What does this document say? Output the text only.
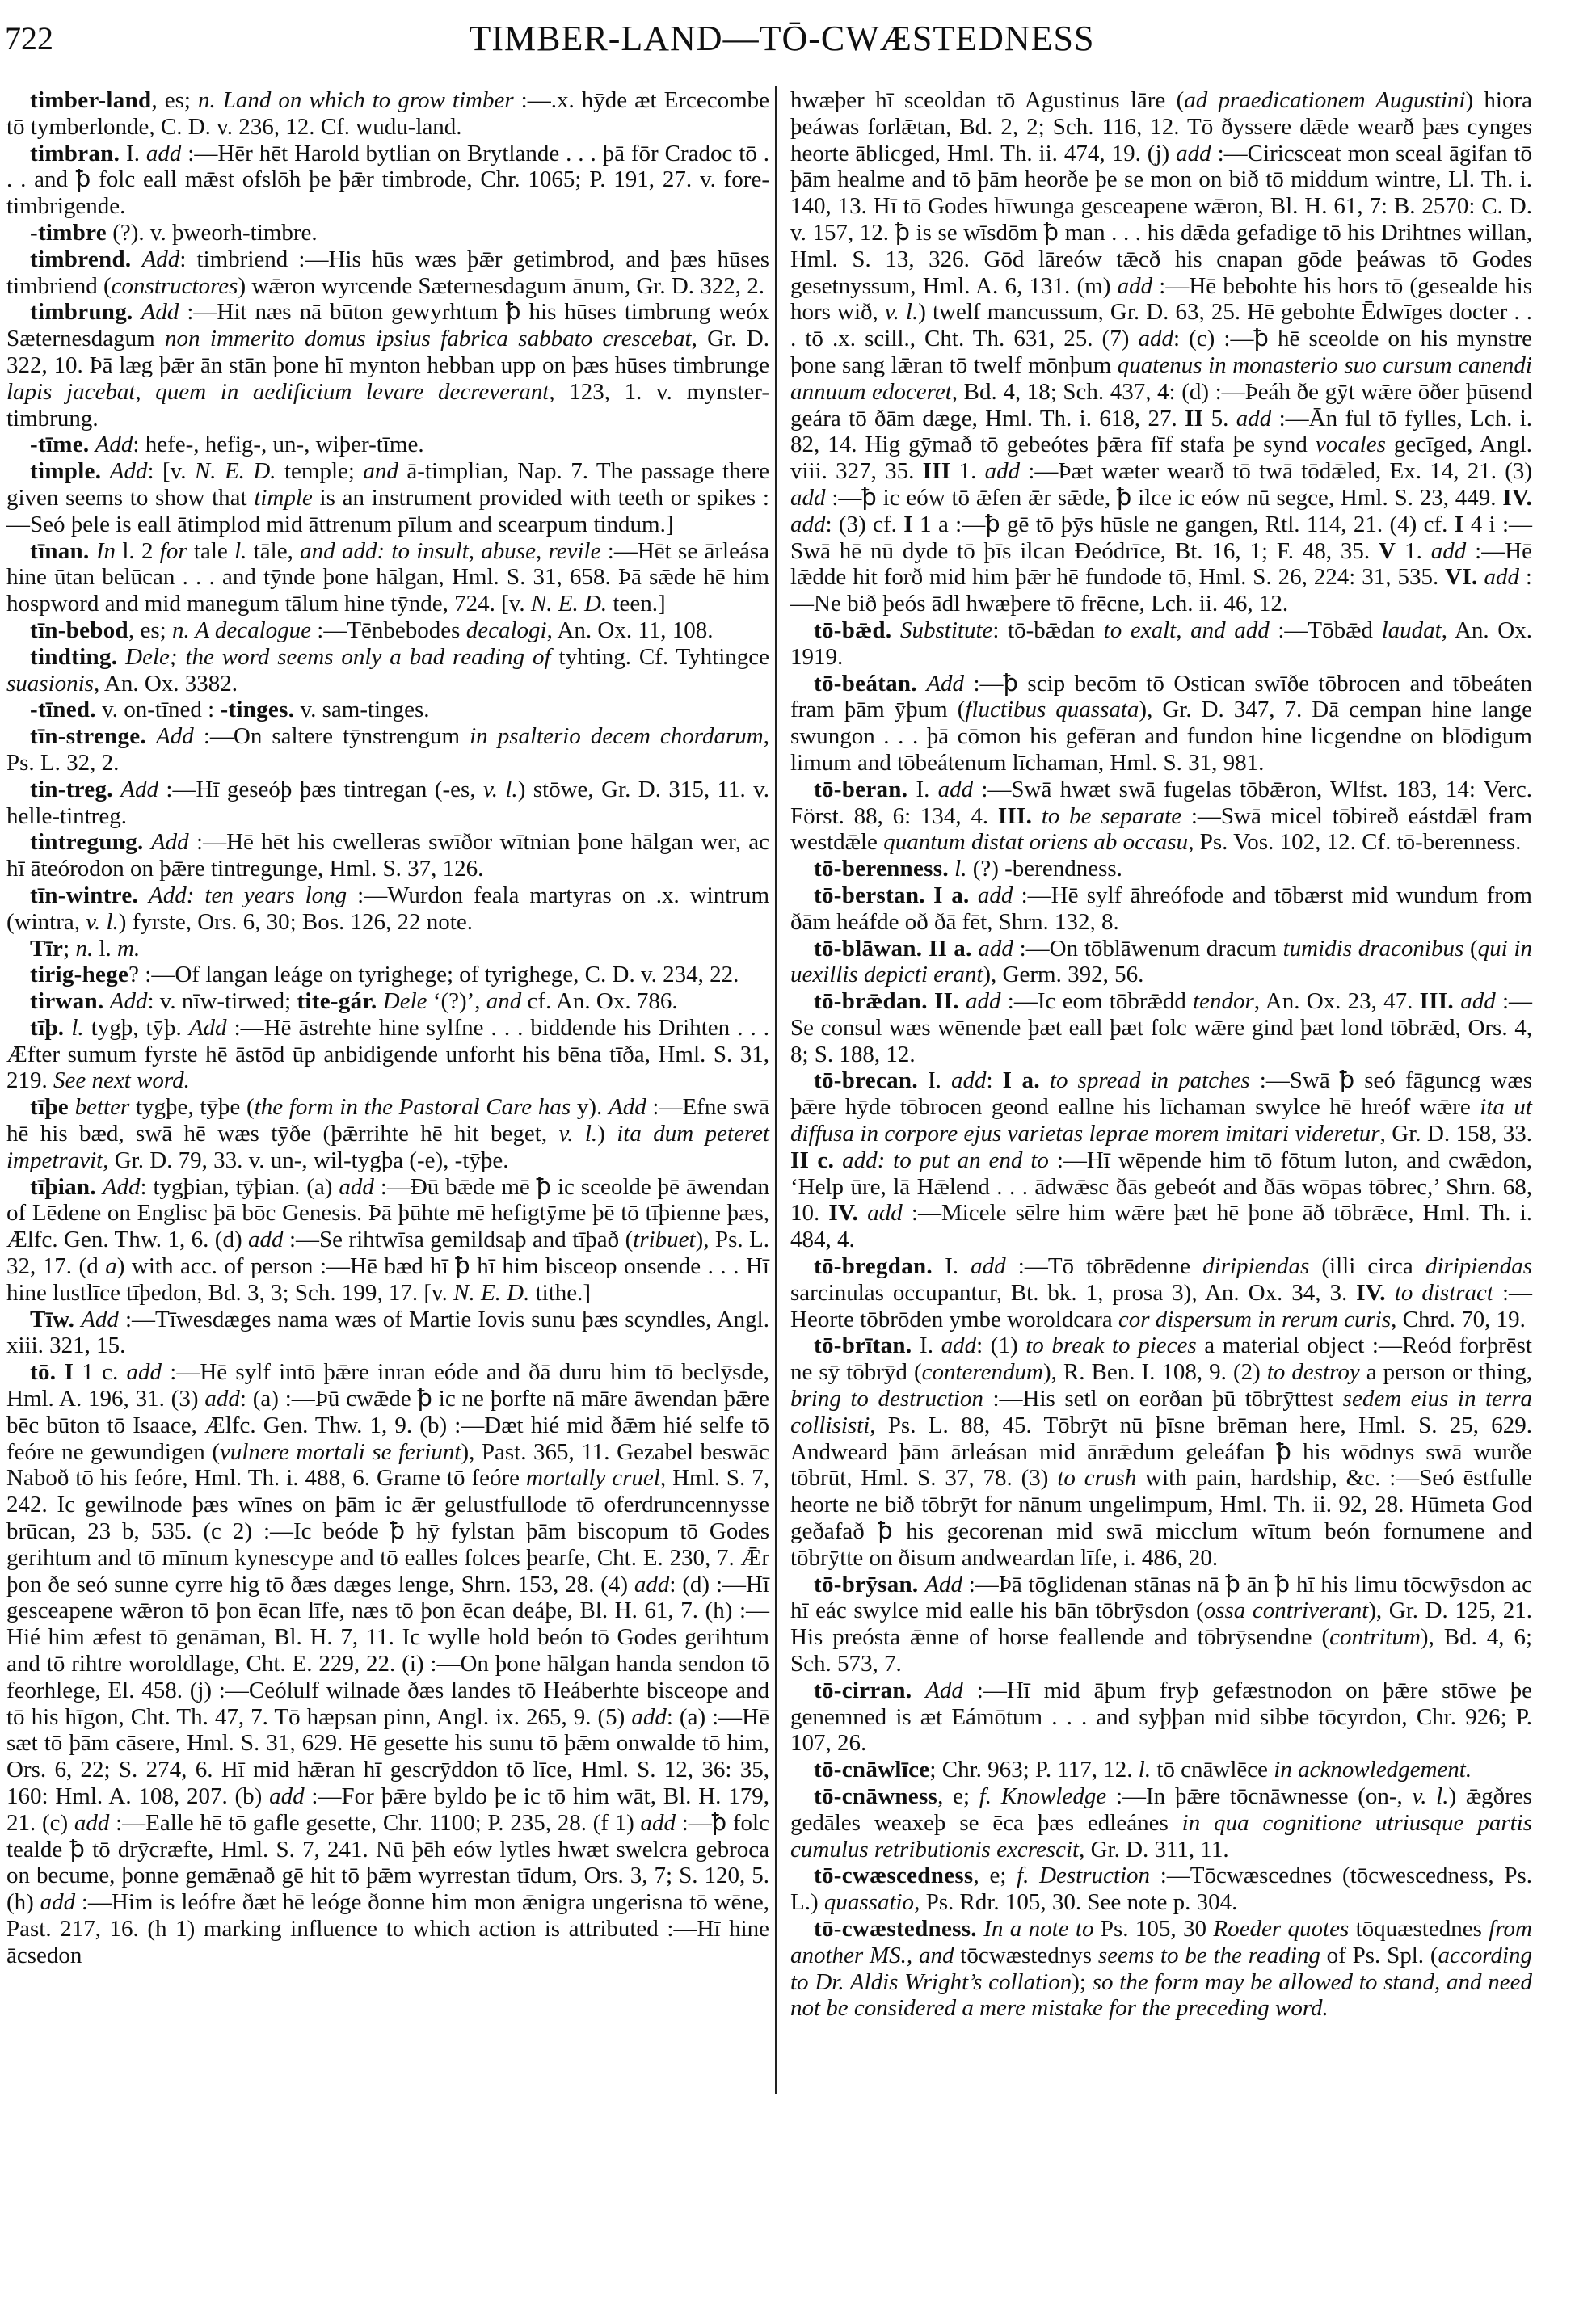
722	TIMBER-LAND—TŌ-CWÆSTEDNESS

timber-land, es; n. Land on which to grow timber :—.x. hȳde æt Ercecombe tō tymberlonde, C. D. v. 236, 12. Cf. wudu-land.

timbran. I. add :—Hēr hēt Harold bytlian on Brytlande . . . þā fōr Cradoc tō . . . and ꝥ folc eall mǣst ofslōh þe þǣr timbrode, Chr. 1065; P. 191, 27. v. fore-timbrigende.

-timbre (?). v. þweorh-timbre.

timbrend. Add: timbriend :—His hūs wæs þǣr getimbrod, and þæs hūses timbriend (constructores) wǣron wyrcende Sæternesdagum ānum, Gr. D. 322, 2.

timbrung. Add :—Hit næs nā būton gewyrhtum ꝥ his hūses timbrung weóx Sæternesdagum non immerito domus ipsius fabrica sabbato crescebat, Gr. D. 322, 10. Þā læg þǣr ān stān þone hī mynton hebban upp on þæs hūses timbrunge lapis jacebat, quem in aedificium levare decreverant, 123, 1. v. mynster-timbrung.

-tīme. Add: hefe-, hefig-, un-, wiþer-tīme.

timple. Add: [v. N. E. D. temple; and ā-timplian, Nap. 7. The passage there given seems to show that timple is an instrument provided with teeth or spikes :—Seó þele is eall ātimplod mid āttrenum pīlum and scearpum tindum.]

tīnan. In l. 2 for tale l. tāle, and add: to insult, abuse, revile :—Hēt se ārleása hine ūtan belūcan . . . and tȳnde þone hālgan, Hml. S. 31, 658. Þā sǣde hē him hospword and mid manegum tālum hine tȳnde, 724. [v. N. E. D. teen.]

tīn-bebod, es; n. A decalogue :—Tēnbebodes decalogi, An. Ox. 11, 108.

tindting. Dele; the word seems only a bad reading of tyhting. Cf. Tyhtingce suasionis, An. Ox. 3382.

-tīned. v. on-tīned : -tinges. v. sam-tinges.

tīn-strenge. Add :—On saltere tȳnstrengum in psalterio decem chordarum, Ps. L. 32, 2.

tin-treg. Add :—Hī geseóþ þæs tintregan (-es, v. l.) stōwe, Gr. D. 315, 11. v. helle-tintreg.

tintregung. Add :—Hē hēt his cwelleras swīðor wītnian þone hālgan wer, ac hī āteórodon on þǣre tintregunge, Hml. S. 37, 126.

tīn-wintre. Add: ten years long :—Wurdon feala martyras on .x. wintrum (wintra, v. l.) fyrste, Ors. 6, 30; Bos. 126, 22 note.

Tīr; n. l. m.

tirig-hege? :—Of langan leáge on tyrighege; of tyrighege, C. D. v. 234, 22.

tirwan. Add: v. nīw-tirwed; tite-gár. Dele ‘(?)’, and cf. An. Ox. 786.

tīþ. l. tygþ, tȳþ. Add :—Hē āstrehte hine sylfne . . . biddende his Drihten . . . Æfter sumum fyrste hē āstōd ūp anbidigende unforht his bēna tīða, Hml. S. 31, 219. See next word.

tīþe better tygþe, tȳþe (the form in the Pastoral Care has y). Add :—Efne swā hē his bæd, swā hē wæs tȳðe (þǣrrihte hē hit beget, v. l.) ita dum peteret impetravit, Gr. D. 79, 33. v. un-, wil-tygþa (-e), -tȳþe.

tīþian. Add: tygþian, tȳþian. (a) add :—Ðū bǣde mē ꝥ ic sceolde þē āwendan of Lēdene on Englisc þā bōc Genesis. Þā þūhte mē hefigtȳme þē tō tīþienne þæs, Ælfc. Gen. Thw. 1, 6. (d) add :—Se rihtwīsa gemildsaþ and tīþað (tribuet), Ps. L. 32, 17. (d a) with acc. of person :—Hē bæd hī ꝥ hī him bisceop onsende . . . Hī hine lustlīce tīþedon, Bd. 3, 3; Sch. 199, 17. [v. N. E. D. tithe.]

Tīw. Add :—Tīwesdæges nama wæs of Martie Iovis sunu þæs scyndles, Angl. xiii. 321, 15.

tō. I 1 c. add :—Hē sylf intō þǣre inran eóde and ðā duru him tō beclȳsde, Hml. A. 196, 31. (3) add: (a) :—Þū cwǣde ꝥ ic ne þorfte nā māre āwendan þǣre bēc būton tō Isaace, Ælfc. Gen. Thw. 1, 9. (b) :—Ðæt hié mid ðǣm hié selfe tō feóre ne gewundigen (vulnere mortali se feriunt), Past. 365, 11. Gezabel beswāc Naboð tō his feóre, Hml. Th. i. 488, 6. Grame tō feóre mortally cruel, Hml. S. 7, 242. Ic gewilnode þæs wīnes on þām ic ǣr gelustfullode tō oferdruncennysse brūcan, 23 b, 535. (c 2) :—Ic beóde ꝥ hȳ fylstan þām biscopum tō Godes gerihtum and tō mīnum kynescype and tō ealles folces þearfe, Cht. E. 230, 7. Ǣr þon ðe seó sunne cyrre hig tō ðæs dæges lenge, Shrn. 153, 28. (4) add: (d) :—Hī gesceapene wǣron tō þon ēcan līfe, næs tō þon ēcan deáþe, Bl. H. 61, 7. (h) :—Hié him æfest tō genāman, Bl. H. 7, 11. Ic wylle hold beón tō Godes gerihtum and tō rihtre woroldlage, Cht. E. 229, 22. (i) :—On þone hālgan handa sendon tō feorhlege, El. 458. (j) :—Ceólulf wilnade ðæs landes tō Heáberhte bisceope and tō his hīgon, Cht. Th. 47, 7. Tō hæpsan pinn, Angl. ix. 265, 9. (5) add: (a) :—Hē sæt tō þām cāsere, Hml. S. 31, 629. Hē gesette his sunu tō þǣm onwalde tō him, Ors. 6, 22; S. 274, 6. Hī mid hǣran hī gescrȳddon tō līce, Hml. S. 12, 36: 35, 160: Hml. A. 108, 207. (b) add :—For þǣre byldo þe ic tō him wāt, Bl. H. 179, 21. (c) add :—Ealle hē tō gafle gesette, Chr. 1100; P. 235, 28. (f 1) add :—ꝥ folc tealde ꝥ tō drȳcræfte, Hml. S. 7, 241. Nū þēh eów lytles hwæt swelcra gebroca on becume, þonne gemǣnað gē hit tō þǣm wyrrestan tīdum, Ors. 3, 7; S. 120, 5. (h) add :—Him is leófre ðæt hē leóge ðonne him mon ǣnigra ungerisna tō wēne, Past. 217, 16. (h 1) marking influence to which action is attributed :—Hī hine ācsedon

hwæþer hī sceoldan tō Agustinus lāre (ad praedicationem Augustini) hiora þeáwas forlǣtan, Bd. 2, 2; Sch. 116, 12. Tō ðyssere dǣde wearð þæs cynges heorte āblicged, Hml. Th. ii. 474, 19. (j) add :—Ciricsceat mon sceal āgifan tō þām healme and tō þām heorðe þe se mon on bið tō middum wintre, Ll. Th. i. 140, 13. Hī tō Godes hīwunga gesceapene wǣron, Bl. H. 61, 7: B. 2570: C. D. v. 157, 12. ꝥ is se wīsdōm ꝥ man . . . his dǣda gefadige tō his Drihtnes willan, Hml. S. 13, 326. Gōd lāreów tǣcð his cnapan gōde þeáwas tō Godes gesetnyssum, Hml. A. 6, 131. (m) add :—Hē bebohte his hors tō (gesealde his hors wið, v. l.) twelf mancussum, Gr. D. 63, 25. Hē gebohte Ēdwīges docter . . . tō .x. scill., Cht. Th. 631, 25. (7) add: (c) :—ꝥ hē sceolde on his mynstre þone sang lǣran tō twelf mōnþum quatenus in monasterio suo cursum canendi annuum edoceret, Bd. 4, 18; Sch. 437, 4: (d) :—Þeáh ðe gȳt wǣre ōðer þūsend geára tō ðām dæge, Hml. Th. i. 618, 27. II 5. add :—Ān ful tō fylles, Lch. i. 82, 14. Hig gȳmað tō gebeótes þǣra fīf stafa þe synd vocales gecīged, Angl. viii. 327, 35. III 1. add :—Þæt wæter wearð tō twā tōdǣled, Ex. 14, 21. (3) add :—ꝥ ic eów tō ǣfen ǣr sǣde, ꝥ ilce ic eów nū segce, Hml. S. 23, 449. IV. add: (3) cf. I 1 a :—ꝥ gē tō þȳs hūsle ne gangen, Rtl. 114, 21. (4) cf. I 4 i :—Swā hē nū dyde tō þīs ilcan Ðeódrīce, Bt. 16, 1; F. 48, 35. V 1. add :—Hē lǣdde hit forð mid him þǣr hē fundode tō, Hml. S. 26, 224: 31, 535. VI. add :—Ne bið þeós ādl hwæþere tō frēcne, Lch. ii. 46, 12.

tō-bǣd. Substitute: tō-bǣdan to exalt, and add :—Tōbǣd laudat, An. Ox. 1919.

tō-beátan. Add :—ꝥ scip becōm tō Ostican swīðe tōbrocen and tōbeáten fram þām ȳþum (fluctibus quassata), Gr. D. 347, 7. Ðā cempan hine lange swungon . . . þā cōmon his gefēran and fundon hine licgendne on blōdigum limum and tōbeátenum līchaman, Hml. S. 31, 981.

tō-beran. I. add :—Swā hwæt swā fugelas tōbǣron, Wlfst. 183, 14: Verc. Först. 88, 6: 134, 4. III. to be separate :—Swā micel tōbireð eástdǣl fram westdǣle quantum distat oriens ab occasu, Ps. Vos. 102, 12. Cf. tō-berenness.

tō-berenness. l. (?) -berendness.

tō-berstan. I a. add :—Hē sylf āhreófode and tōbærst mid wundum from ðām heáfde oð ðā fēt, Shrn. 132, 8.

tō-blāwan. II a. add :—On tōblāwenum dracum tumidis draconibus (qui in uexillis depicti erant), Germ. 392, 56.

tō-brǣdan. II. add :—Ic eom tōbrǣdd tendor, An. Ox. 23, 47. III. add :—Se consul wæs wēnende þæt eall þæt folc wǣre gind þæt lond tōbrǣd, Ors. 4, 8; S. 188, 12.

tō-brecan. I. add: I a. to spread in patches :—Swā ꝥ seó fāguncg wæs þǣre hȳde tōbrocen geond eallne his līchaman swylce hē hreóf wǣre ita ut diffusa in corpore ejus varietas leprae morem imitari videretur, Gr. D. 158, 33. II c. add: to put an end to :—Hī wēpende him tō fōtum luton, and cwǣdon, ‘Help ūre, lā Hǣlend . . . ādwǣsc ðās gebeót and ðās wōpas tōbrec,’ Shrn. 68, 10. IV. add :—Micele sēlre him wǣre þæt hē þone āð tōbrǣce, Hml. Th. i. 484, 4.

tō-bregdan. I. add :—Tō tōbrēdenne diripiendas (illi circa diripiendas sarcinulas occupantur, Bt. bk. 1, prosa 3), An. Ox. 34, 3. IV. to distract :—Heorte tōbrōden ymbe woroldcara cor dispersum in rerum curis, Chrd. 70, 19.

tō-brītan. I. add: (1) to break to pieces a material object :—Reód forþrēst ne sȳ tōbrȳd (conterendum), R. Ben. I. 108, 9. (2) to destroy a person or thing, bring to destruction :—His setl on eorðan þū tōbrȳttest sedem eius in terra collisisti, Ps. L. 88, 45. Tōbrȳt nū þīsne brēman here, Hml. S. 25, 629. Andweard þām ārleásan mid ānrǣdum geleáfan ꝥ his wōdnys swā wurðe tōbrūt, Hml. S. 37, 78. (3) to crush with pain, hardship, &c. :—Seó ēstfulle heorte ne bið tōbrȳt for nānum ungelimpum, Hml. Th. ii. 92, 28. Hūmeta God geðafað ꝥ his gecorenan mid swā micclum wītum beón fornumene and tōbrȳtte on ðisum andweardan līfe, i. 486, 20.

tō-brȳsan. Add :—Þā tōglidenan stānas nā ꝥ ān ꝥ hī his limu tōcwȳsdon ac hī eác swylce mid ealle his bān tōbrȳsdon (ossa contriverant), Gr. D. 125, 21. His preósta ǣnne of horse feallende and tōbrȳsendne (contritum), Bd. 4, 6; Sch. 573, 7.

tō-cirran. Add :—Hī mid āþum fryþ gefæstnodon on þǣre stōwe þe genemned is æt Eámōtum . . . and syþþan mid sibbe tōcyrdon, Chr. 926; P. 107, 26.

tō-cnāwlīce; Chr. 963; P. 117, 12. l. tō cnāwlēce in acknowledgement.

tō-cnāwness, e; f. Knowledge :—In þǣre tōcnāwnesse (on-, v. l.) ǣgðres gedāles weaxeþ se ēca þæs edleánes in qua cognitione utriusque partis cumulus retributionis excrescit, Gr. D. 311, 11.

tō-cwæscedness, e; f. Destruction :—Tōcwæscednes (tōcwescedness, Ps. L.) quassatio, Ps. Rdr. 105, 30. See note p. 304.

tō-cwæstedness. In a note to Ps. 105, 30 Roeder quotes tōquæstednes from another MS., and tōcwæstednys seems to be the reading of Ps. Spl. (according to Dr. Aldis Wright’s collation); so the form may be allowed to stand, and need not be considered a mere mistake for the preceding word.
